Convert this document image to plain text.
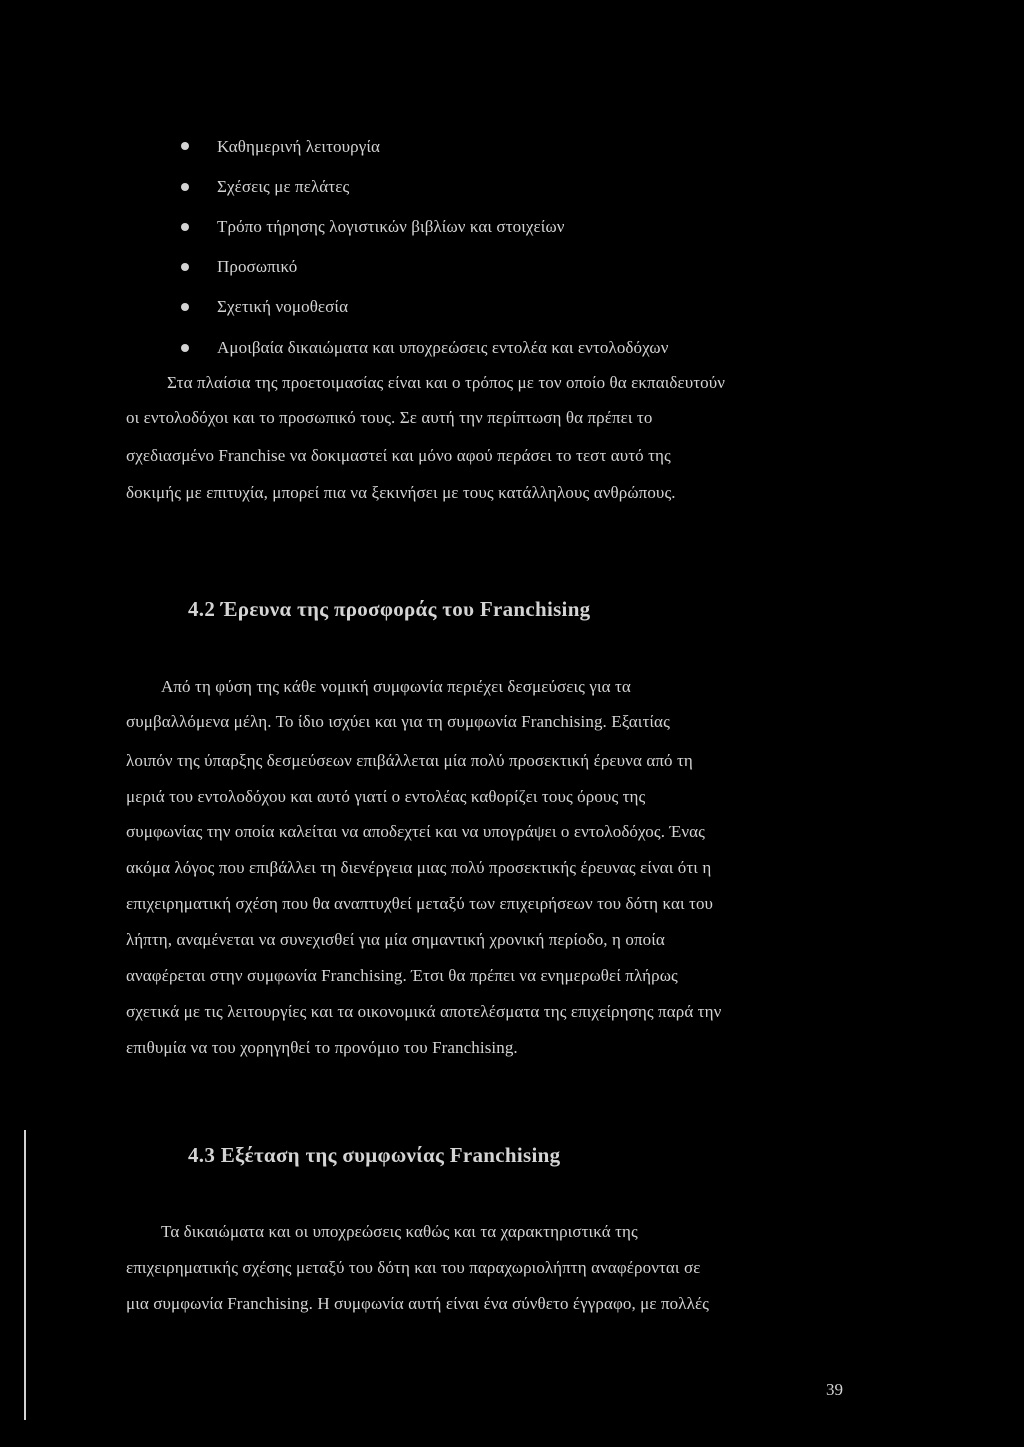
Καθημερινή λειτουργία
Σχέσεις με πελάτες
Τρόπο τήρησης λογιστικών βιβλίων και στοιχείων
Προσωπικό
Σχετική νομοθεσία
Αμοιβαία δικαιώματα και υποχρεώσεις εντολέα και εντολοδόχων
Στα πλαίσια της προετοιμασίας είναι και ο τρόπος με τον οποίο θα εκπαιδευτούν
οι εντολοδόχοι και το προσωπικό τους. Σε αυτή την περίπτωση θα πρέπει το
σχεδιασμένο Franchise να δοκιμαστεί και μόνο αφού περάσει το τεστ αυτό της
δοκιμής με επιτυχία, μπορεί πια να ξεκινήσει με τους κατάλληλους ανθρώπους.
4.2 Έρευνα της προσφοράς του Franchising
Από τη φύση της κάθε νομική συμφωνία περιέχει δεσμεύσεις για τα
συμβαλλόμενα μέλη. Το ίδιο ισχύει και για τη συμφωνία Franchising. Εξαιτίας
λοιπόν της ύπαρξης δεσμεύσεων επιβάλλεται μία πολύ προσεκτική έρευνα από τη
μεριά του εντολοδόχου και αυτό γιατί ο εντολέας καθορίζει τους όρους της
συμφωνίας την οποία καλείται να αποδεχτεί και να υπογράψει ο εντολοδόχος. Ένας
ακόμα λόγος που επιβάλλει τη διενέργεια μιας πολύ προσεκτικής έρευνας είναι ότι η
επιχειρηματική σχέση που θα αναπτυχθεί μεταξύ των επιχειρήσεων του δότη και του
λήπτη, αναμένεται να συνεχισθεί για μία σημαντική χρονική περίοδο, η οποία
αναφέρεται στην συμφωνία Franchising. Έτσι θα πρέπει να ενημερωθεί πλήρως
σχετικά με τις λειτουργίες και τα οικονομικά αποτελέσματα της επιχείρησης παρά την
επιθυμία να του χορηγηθεί το προνόμιο του Franchising.
4.3 Εξέταση της συμφωνίας Franchising
Τα δικαιώματα και οι υποχρεώσεις καθώς και τα χαρακτηριστικά της
επιχειρηματικής σχέσης μεταξύ του δότη και του παραχωριολήπτη αναφέρονται σε
μια συμφωνία Franchising. Η συμφωνία αυτή είναι ένα σύνθετο έγγραφο, με πολλές
39
